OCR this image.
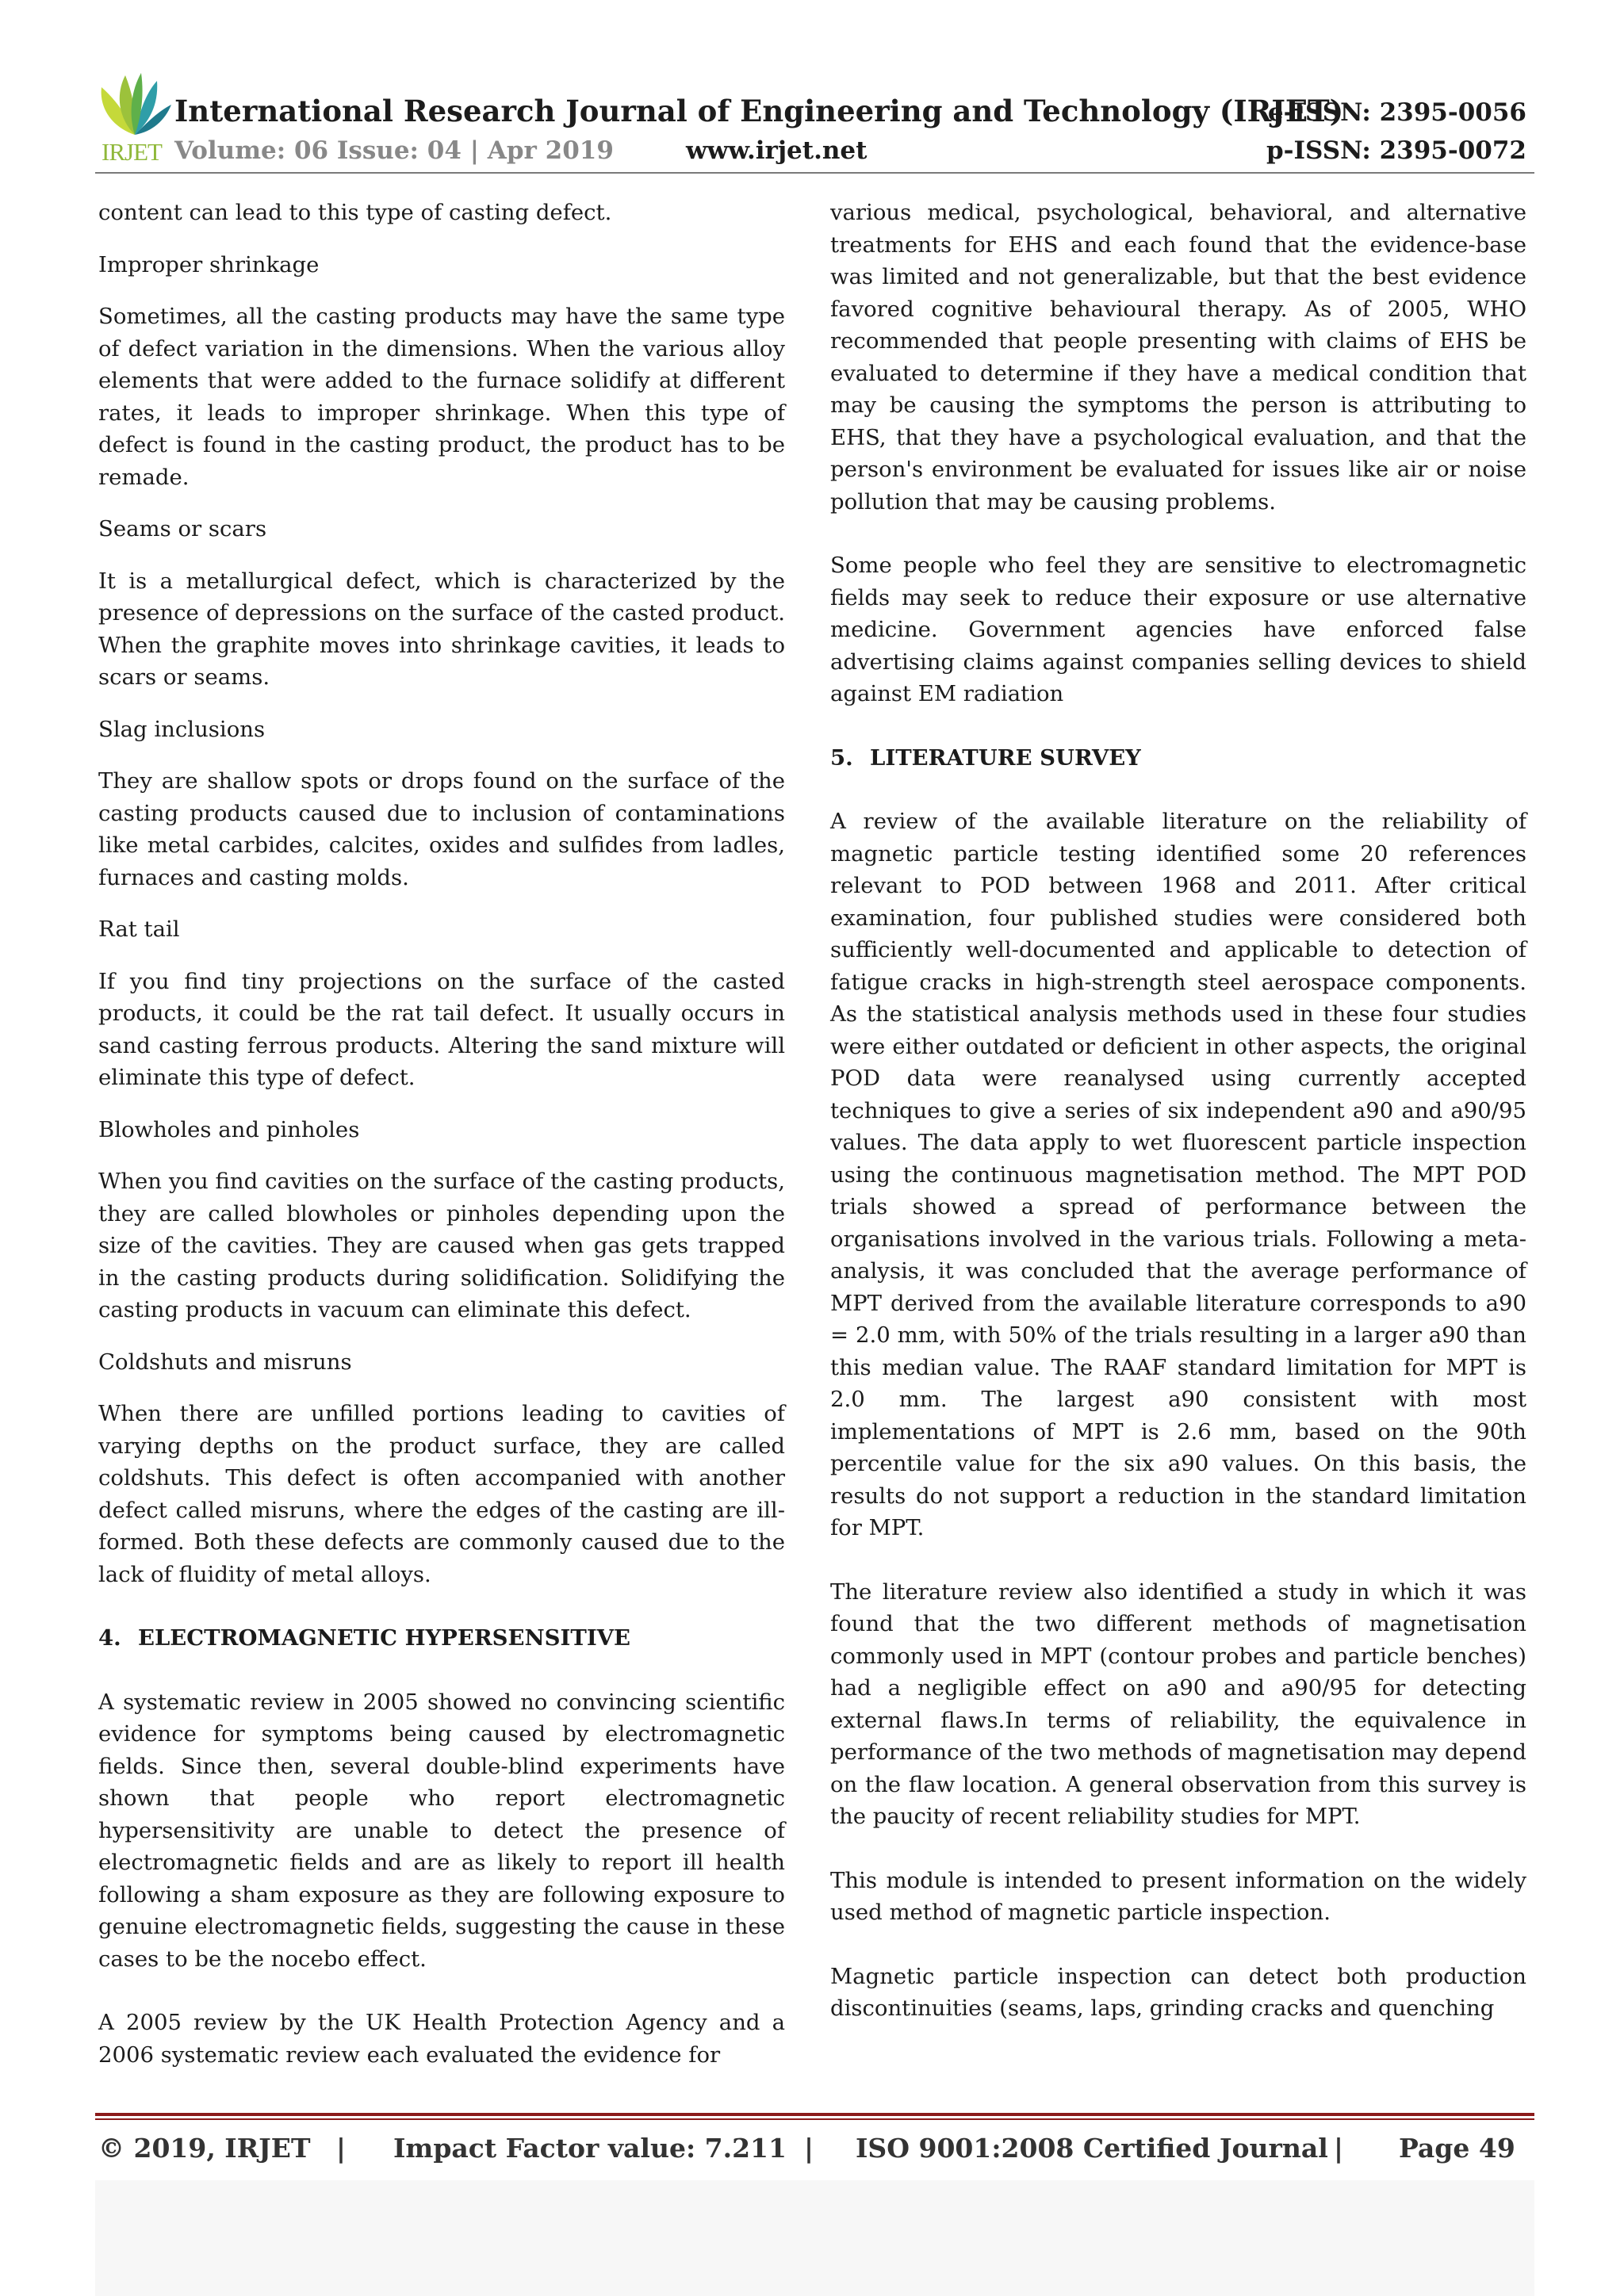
IRJET
International Research Journal of Engineering and Technology (IRJET)
e-ISSN: 2395-0056
Volume: 06 Issue: 04 | Apr 2019	www.irjet.net	p-ISSN: 2395-0072

content can lead to this type of casting defect.

Improper shrinkage

Sometimes, all the casting products may have the same type of defect variation in the dimensions. When the various alloy elements that were added to the furnace solidify at different rates, it leads to improper shrinkage. When this type of defect is found in the casting product, the product has to be remade.

Seams or scars

It is a metallurgical defect, which is characterized by the presence of depressions on the surface of the casted product. When the graphite moves into shrinkage cavities, it leads to scars or seams.

Slag inclusions

They are shallow spots or drops found on the surface of the casting products caused due to inclusion of contaminations like metal carbides, calcites, oxides and sulfides from ladles, furnaces and casting molds.

Rat tail

If you find tiny projections on the surface of the casted products, it could be the rat tail defect. It usually occurs in sand casting ferrous products. Altering the sand mixture will eliminate this type of defect.

Blowholes and pinholes

When you find cavities on the surface of the casting products, they are called blowholes or pinholes depending upon the size of the cavities. They are caused when gas gets trapped in the casting products during solidification. Solidifying the casting products in vacuum can eliminate this defect.

Coldshuts and misruns

When there are unfilled portions leading to cavities of varying depths on the product surface, they are called coldshuts. This defect is often accompanied with another defect called misruns, where the edges of the casting are ill-formed. Both these defects are commonly caused due to the lack of fluidity of metal alloys.

4. ELECTROMAGNETIC HYPERSENSITIVE

A systematic review in 2005 showed no convincing scientific evidence for symptoms being caused by electromagnetic fields. Since then, several double-blind experiments have shown that people who report electromagnetic hypersensitivity are unable to detect the presence of electromagnetic fields and are as likely to report ill health following a sham exposure as they are following exposure to genuine electromagnetic fields, suggesting the cause in these cases to be the nocebo effect.

A 2005 review by the UK Health Protection Agency and a 2006 systematic review each evaluated the evidence for

various medical, psychological, behavioral, and alternative treatments for EHS and each found that the evidence-base was limited and not generalizable, but that the best evidence favored cognitive behavioural therapy. As of 2005, WHO recommended that people presenting with claims of EHS be evaluated to determine if they have a medical condition that may be causing the symptoms the person is attributing to EHS, that they have a psychological evaluation, and that the person's environment be evaluated for issues like air or noise pollution that may be causing problems.

Some people who feel they are sensitive to electromagnetic fields may seek to reduce their exposure or use alternative medicine. Government agencies have enforced false advertising claims against companies selling devices to shield against EM radiation

5. LITERATURE SURVEY

A review of the available literature on the reliability of magnetic particle testing identified some 20 references relevant to POD between 1968 and 2011. After critical examination, four published studies were considered both sufficiently well-documented and applicable to detection of fatigue cracks in high-strength steel aerospace components. As the statistical analysis methods used in these four studies were either outdated or deficient in other aspects, the original POD data were reanalysed using currently accepted techniques to give a series of six independent a90 and a90/95 values. The data apply to wet fluorescent particle inspection using the continuous magnetisation method. The MPT POD trials showed a spread of performance between the organisations involved in the various trials. Following a meta-analysis, it was concluded that the average performance of MPT derived from the available literature corresponds to a90 = 2.0 mm, with 50% of the trials resulting in a larger a90 than this median value. The RAAF standard limitation for MPT is 2.0 mm. The largest a90 consistent with most implementations of MPT is 2.6 mm, based on the 90th percentile value for the six a90 values. On this basis, the results do not support a reduction in the standard limitation for MPT.

The literature review also identified a study in which it was found that the two different methods of magnetisation commonly used in MPT (contour probes and particle benches) had a negligible effect on a90 and a90/95 for detecting external flaws.In terms of reliability, the equivalence in performance of the two methods of magnetisation may depend on the flaw location. A general observation from this survey is the paucity of recent reliability studies for MPT.

This module is intended to present information on the widely used method of magnetic particle inspection.

Magnetic particle inspection can detect both production discontinuities (seams, laps, grinding cracks and quenching

© 2019, IRJET | Impact Factor value: 7.211 | ISO 9001:2008 Certified Journal | Page 49
